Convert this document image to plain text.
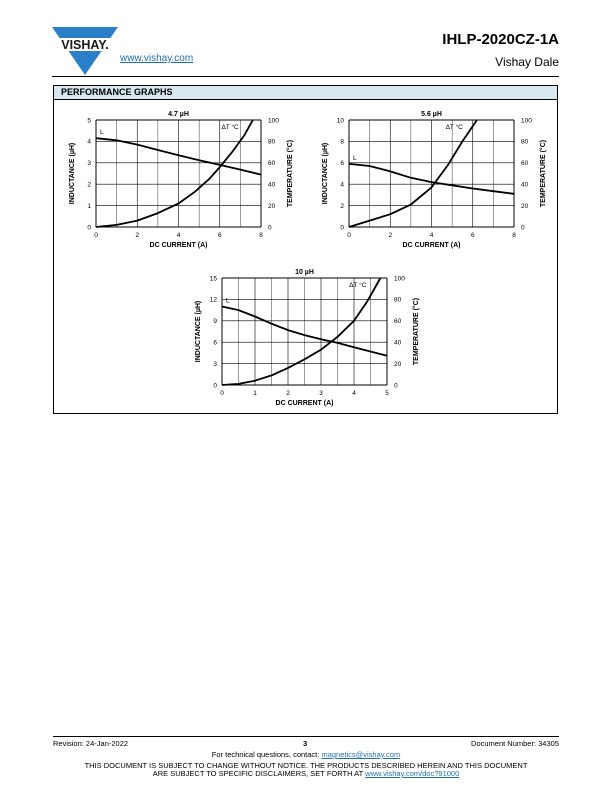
VISHAY.
www.vishay.com
IHLP-2020CZ-1A
Vishay Dale
PERFORMANCE GRAPHS
4.7 µH
0	2	4	6	8
0	0
1	20
2	40
3	60
4	80
5	100
DC CURRENT (A)
INDUCTANCE (µH)	TEMPERATURE (°C)
L
ΔT °C
5.6 µH
0	2	4	6	8
0	0
2	20
4	40
6	60
8	80
10	100
DC CURRENT (A)
INDUCTANCE (µH)	TEMPERATURE (°C)
L
ΔT °C
10 µH
0	1	2	3	4	5
0	0
3	20
6	40
9	60
12	80
15	100
DC CURRENT (A)
INDUCTANCE (µH)	TEMPERATURE (°C)
L
ΔT °C
Revision: 24-Jan-2022	3	Document Number: 34305
For technical questions, contact: magnetics@vishay.com
THIS DOCUMENT IS SUBJECT TO CHANGE WITHOUT NOTICE. THE PRODUCTS DESCRIBED HEREIN AND THIS DOCUMENT
ARE SUBJECT TO SPECIFIC DISCLAIMERS, SET FORTH AT www.vishay.com/doc?91000
